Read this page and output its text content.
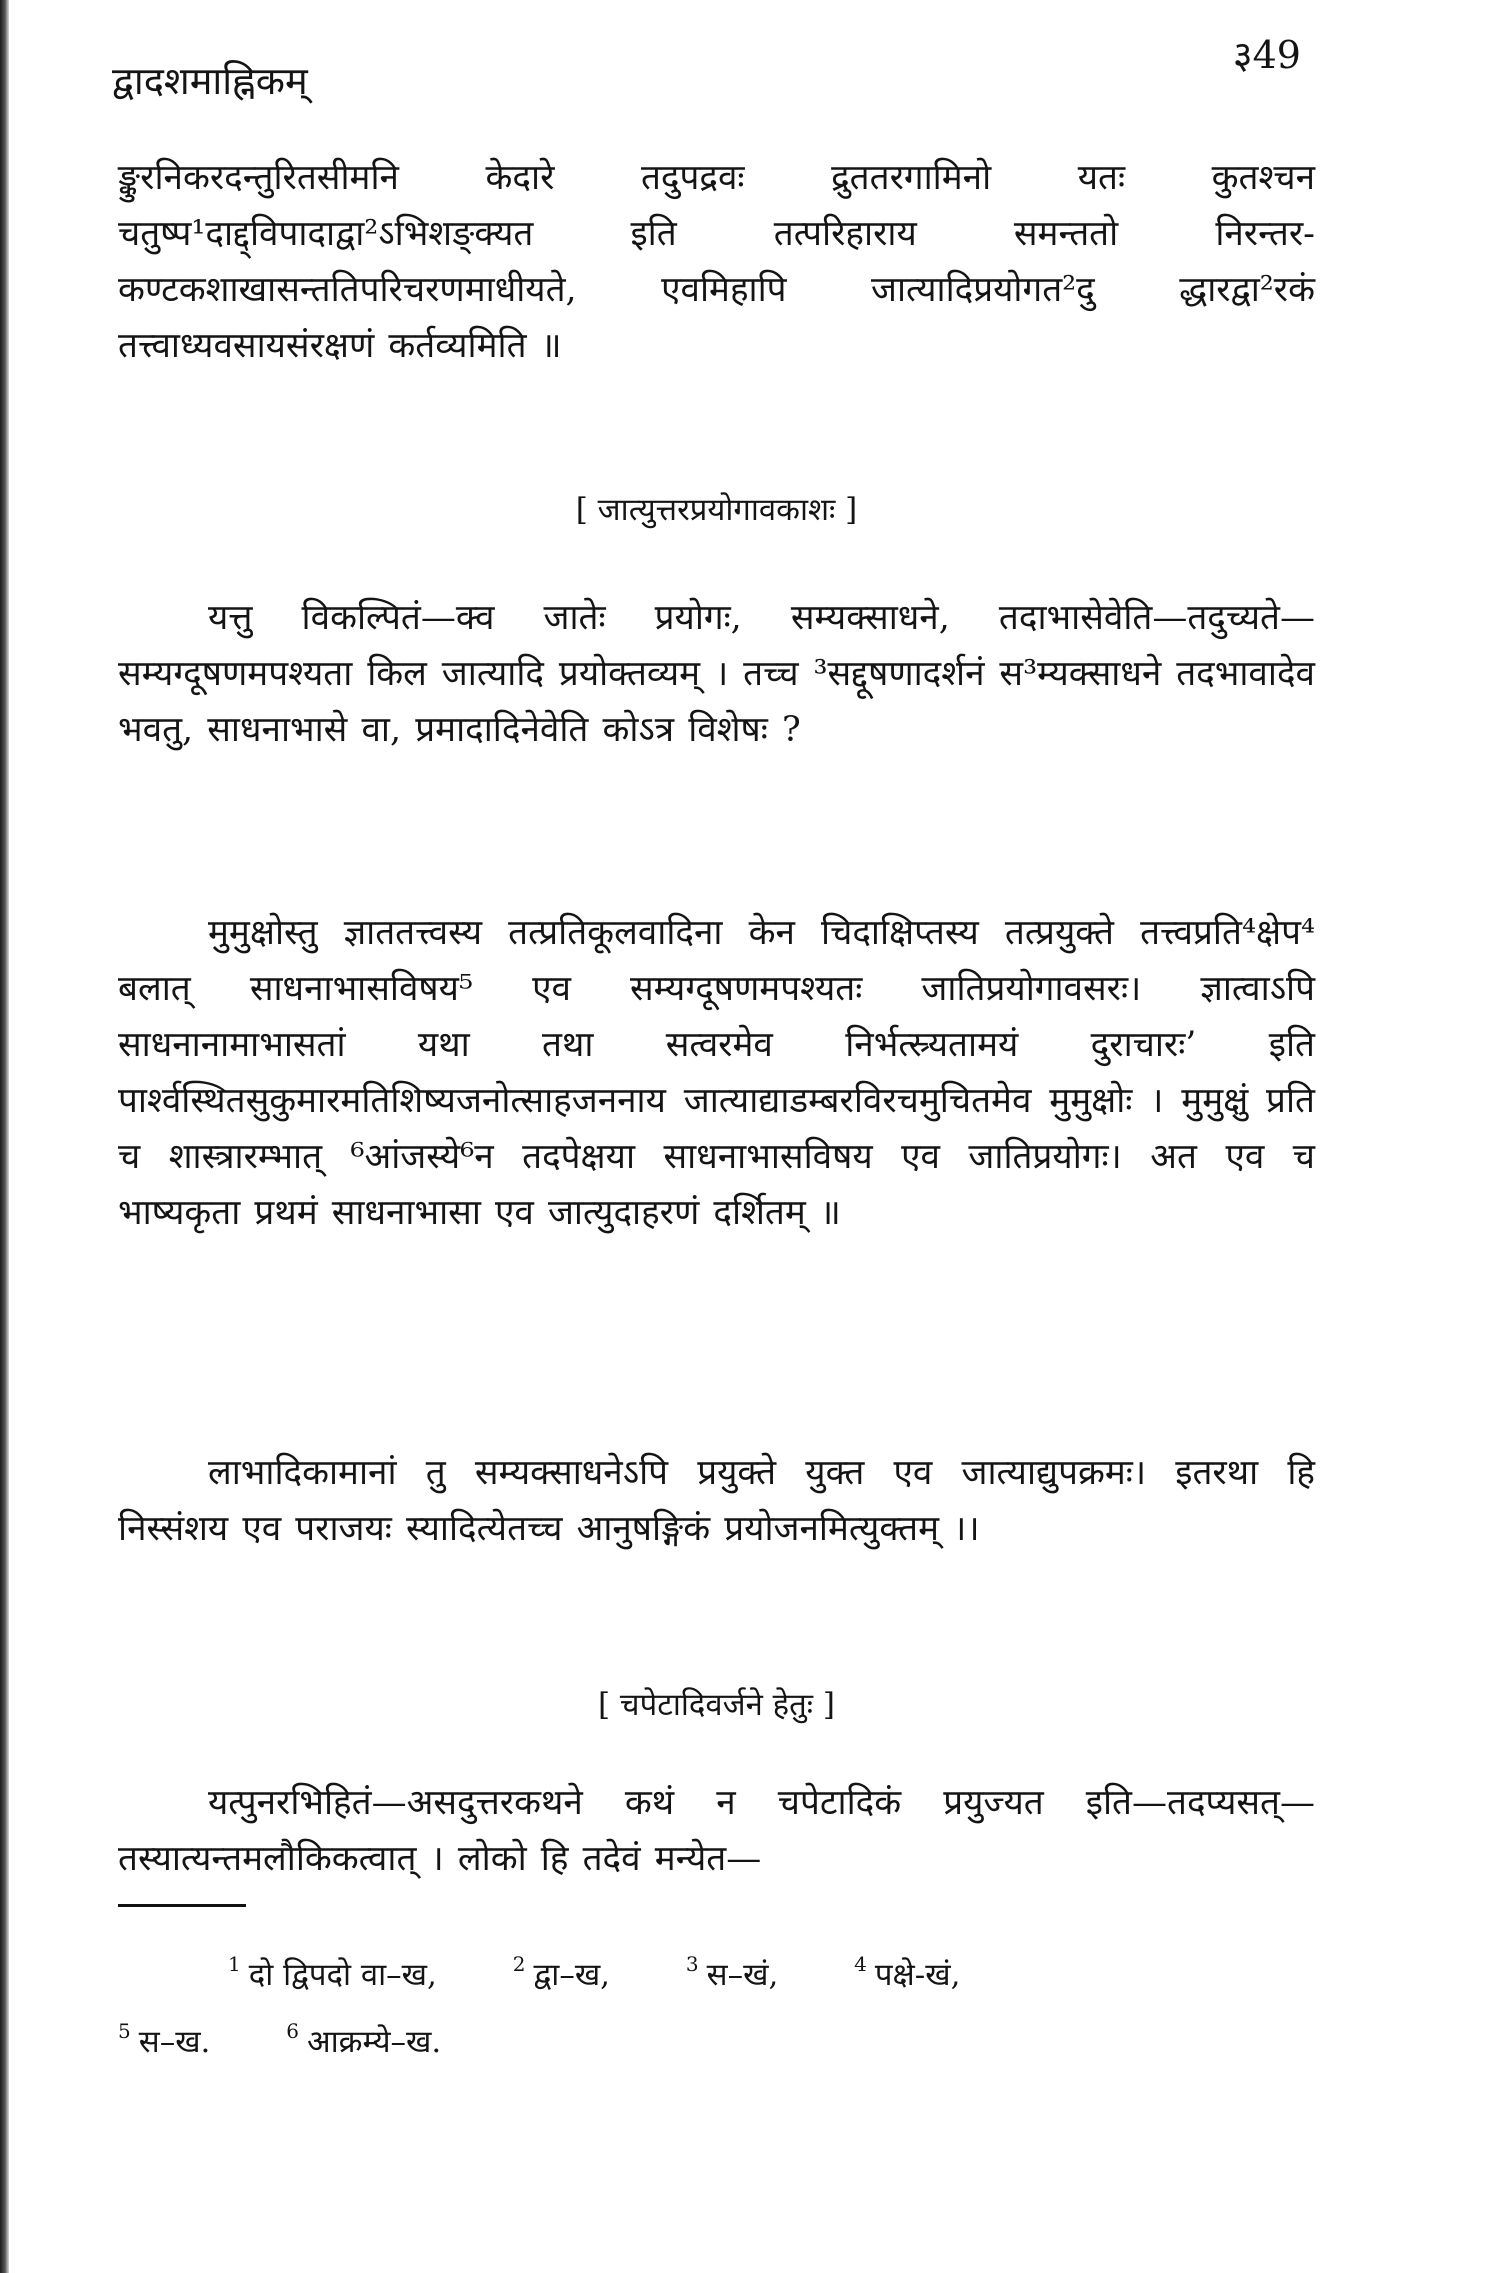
द्वादशमाह्निकम्
३49

ङ्कुरनिकरदन्तुरितसीमनि केदारे तदुपद्रवः द्रुततरगामिनो यतः कुतश्चन चतुष्प¹दाद्द्विपादाद्वा²ऽभिशङ्क्यत इति तत्परिहाराय समन्ततो निरन्तर-कण्टकशाखासन्ततिपरिचरणमाधीयते, एवमिहापि जात्यादिप्रयोगत²दु द्धारद्वा²रकं तत्त्वाध्यवसायसंरक्षणं कर्तव्यमिति ॥

[ जात्युत्तरप्रयोगावकाशः ]

यत्तु विकल्पितं—क्व जातेः प्रयोगः, सम्यक्साधने, तदाभासेवेति—तदुच्यते—सम्यग्दूषणमपश्यता किल जात्यादि प्रयोक्तव्यम् । तच्च ³सद्दूषणादर्शनं स³म्यक्साधने तदभावादेव भवतु, साधनाभासे वा, प्रमादादिनेवेति कोऽत्र विशेषः ?

मुमुक्षोस्तु ज्ञाततत्त्वस्य तत्प्रतिकूलवादिना केन चिदाक्षिप्तस्य तत्प्रयुक्ते तत्त्वप्रति⁴क्षेप⁴ बलात् साधनाभासविषय⁵ एव सम्यग्दूषणमपश्यतः जातिप्रयोगावसरः। ज्ञात्वाऽपि साधनानामाभासतां यथा तथा सत्वरमेव निर्भत्स्र्यतामयं दुराचारः’ इति पार्श्वस्थितसुकुमारमतिशिष्यजनोत्साहजननाय जात्याद्याडम्बरविरचमुचितमेव मुमुक्षोः । मुमुक्षुं प्रति च शास्त्रारम्भात् ⁶आंजस्ये⁶न तदपेक्षया साधनाभासविषय एव जातिप्रयोगः। अत एव च भाष्यकृता प्रथमं साधनाभासा एव जात्युदाहरणं दर्शितम् ॥

लाभादिकामानां तु सम्यक्साधनेऽपि प्रयुक्ते युक्त एव जात्याद्युपक्रमः। इतरथा हि निस्संशय एव पराजयः स्यादित्येतच्च आनुषङ्गिकं प्रयोजनमित्युक्तम् ।।

[ चपेटादिवर्जने हेतुः ]

यत्पुनरभिहितं—असदुत्तरकथने कथं न चपेटादिकं प्रयुज्यत इति—तदप्यसत्—तस्यात्यन्तमलौकिकत्वात् । लोको हि तदेवं मन्येत—

$^1$ दो द्विपदो वा–ख,	$^2$ द्वा–ख,	$^3$ स–खं,	$^4$ पक्षे-खं,
$^5$ स–ख.	$^6$ आक्रम्ये–ख.
